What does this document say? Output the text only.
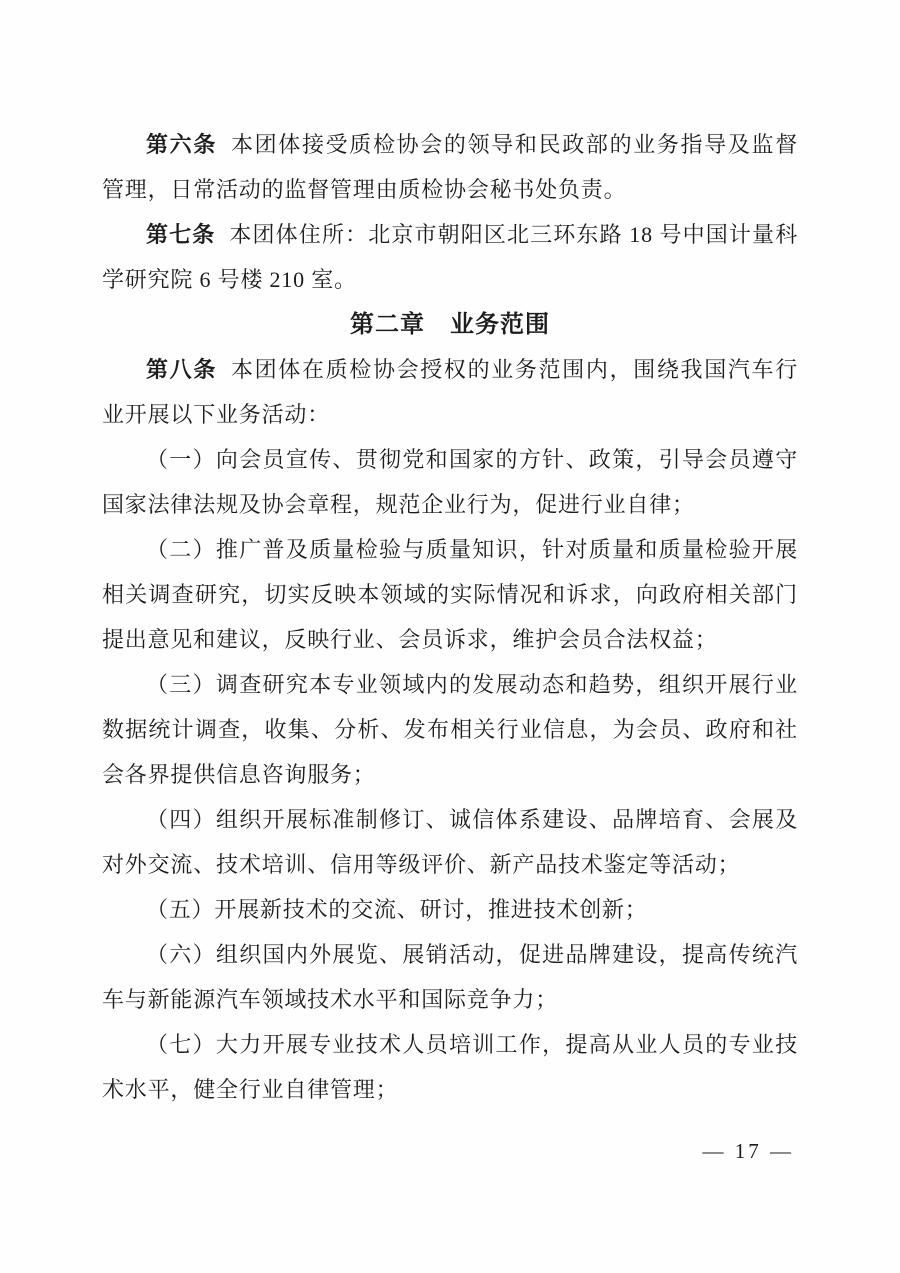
第六条 本团体接受质检协会的领导和民政部的业务指导及监督管理，日常活动的监督管理由质检协会秘书处负责。

第七条 本团体住所：北京市朝阳区北三环东路 18 号中国计量科学研究院 6 号楼 210 室。

第二章　业务范围

第八条 本团体在质检协会授权的业务范围内，围绕我国汽车行业开展以下业务活动：

（一）向会员宣传、贯彻党和国家的方针、政策，引导会员遵守国家法律法规及协会章程，规范企业行为，促进行业自律；

（二）推广普及质量检验与质量知识，针对质量和质量检验开展相关调查研究，切实反映本领域的实际情况和诉求，向政府相关部门提出意见和建议，反映行业、会员诉求，维护会员合法权益；

（三）调查研究本专业领域内的发展动态和趋势，组织开展行业数据统计调查，收集、分析、发布相关行业信息，为会员、政府和社会各界提供信息咨询服务；

（四）组织开展标准制修订、诚信体系建设、品牌培育、会展及对外交流、技术培训、信用等级评价、新产品技术鉴定等活动；

（五）开展新技术的交流、研讨，推进技术创新；

（六）组织国内外展览、展销活动，促进品牌建设，提高传统汽车与新能源汽车领域技术水平和国际竞争力；

（七）大力开展专业技术人员培训工作，提高从业人员的专业技术水平，健全行业自律管理；

— 17 —
